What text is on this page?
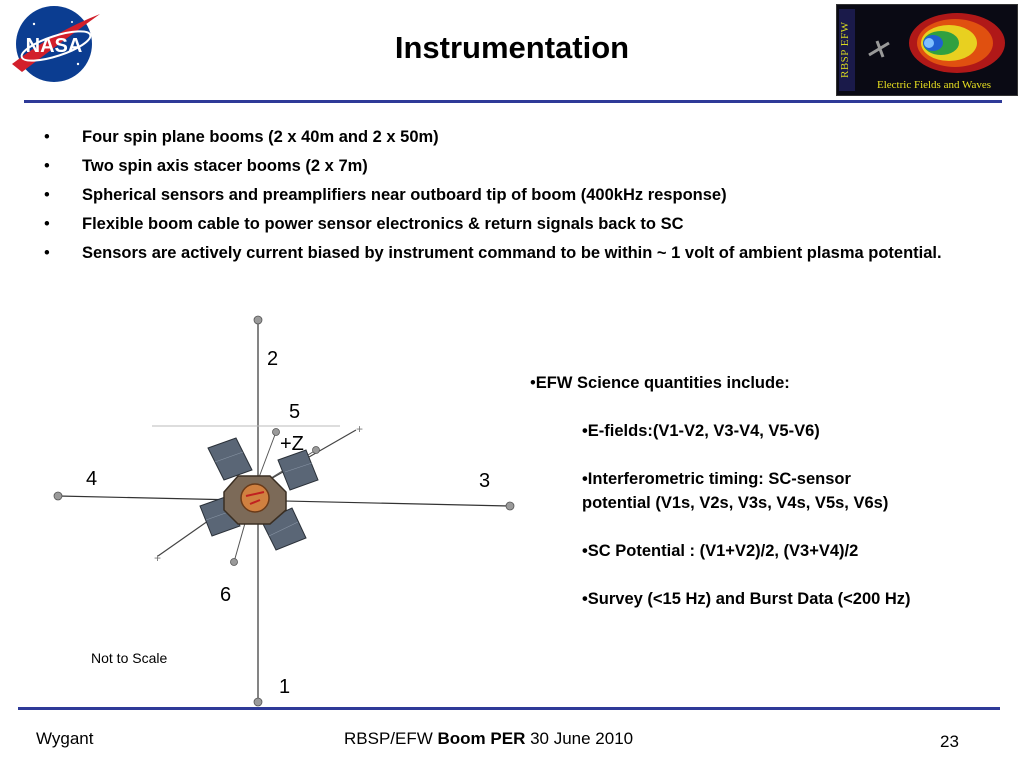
NASA	Instrumentation	RBSP EFW
Electric Fields and Waves
• Four spin plane booms (2 x 40m and 2 x 50m)
• Two spin axis stacer booms (2 x 7m)
• Spherical sensors and preamplifiers near outboard tip of boom (400kHz response)
• Flexible boom cable to power sensor electronics & return signals back to SC
• Sensors are actively current biased by instrument command to be within ~ 1 volt of ambient plasma potential.
+
+
2
5
+Z
4	3
6
1
Not to Scale
•EFW Science quantities include:
•E-fields:(V1-V2, V3-V4, V5-V6)
•Interferometric timing: SC-sensor
potential (V1s, V2s, V3s, V4s, V5s, V6s)
•SC Potential : (V1+V2)/2, (V3+V4)/2
•Survey (<15 Hz) and Burst Data (<200 Hz)
Wygant	RBSP/EFW Boom PER 30 June 2010	23
